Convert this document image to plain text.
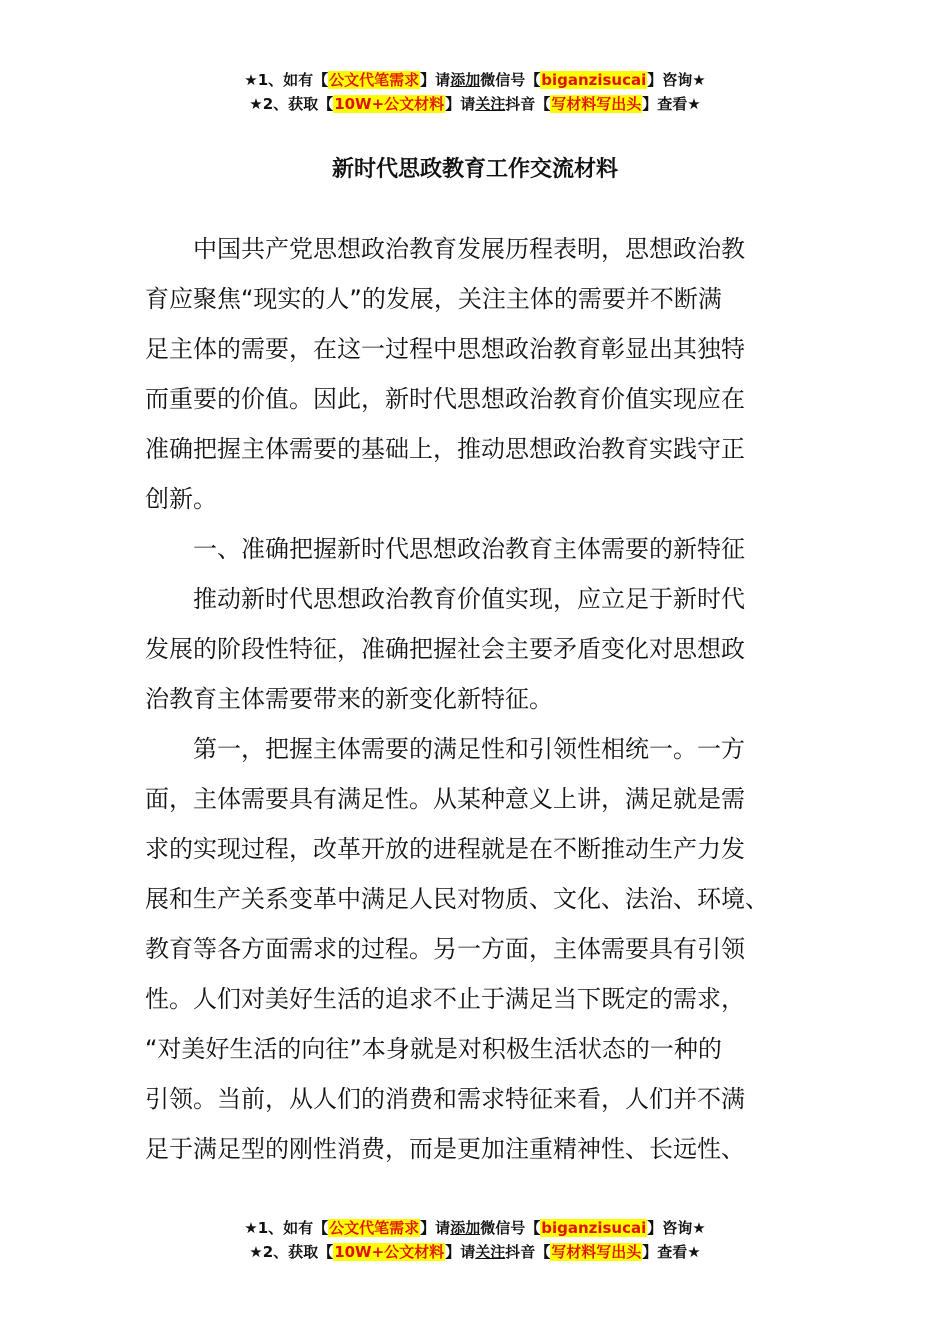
★1、如有【公文代笔需求】请添加微信号【biganzisucai】咨询★
★2、获取【10W+公文材料】请关注抖音【写材料写出头】查看★
新时代思政教育工作交流材料
中国共产党思想政治教育发展历程表明，思想政治教
育应聚焦“现实的人”的发展，关注主体的需要并不断满
足主体的需要，在这一过程中思想政治教育彰显出其独特
而重要的价值。因此，新时代思想政治教育价值实现应在
准确把握主体需要的基础上，推动思想政治教育实践守正
创新。
一、准确把握新时代思想政治教育主体需要的新特征
推动新时代思想政治教育价值实现，应立足于新时代
发展的阶段性特征，准确把握社会主要矛盾变化对思想政
治教育主体需要带来的新变化新特征。
第一，把握主体需要的满足性和引领性相统一。一方
面，主体需要具有满足性。从某种意义上讲，满足就是需
求的实现过程，改革开放的进程就是在不断推动生产力发
展和生产关系变革中满足人民对物质、文化、法治、环境、
教育等各方面需求的过程。另一方面，主体需要具有引领
性。人们对美好生活的追求不止于满足当下既定的需求，
“对美好生活的向往”本身就是对积极生活状态的一种的
引领。当前，从人们的消费和需求特征来看，人们并不满
足于满足型的刚性消费，而是更加注重精神性、长远性、
★1、如有【公文代笔需求】请添加微信号【biganzisucai】咨询★
★2、获取【10W+公文材料】请关注抖音【写材料写出头】查看★
